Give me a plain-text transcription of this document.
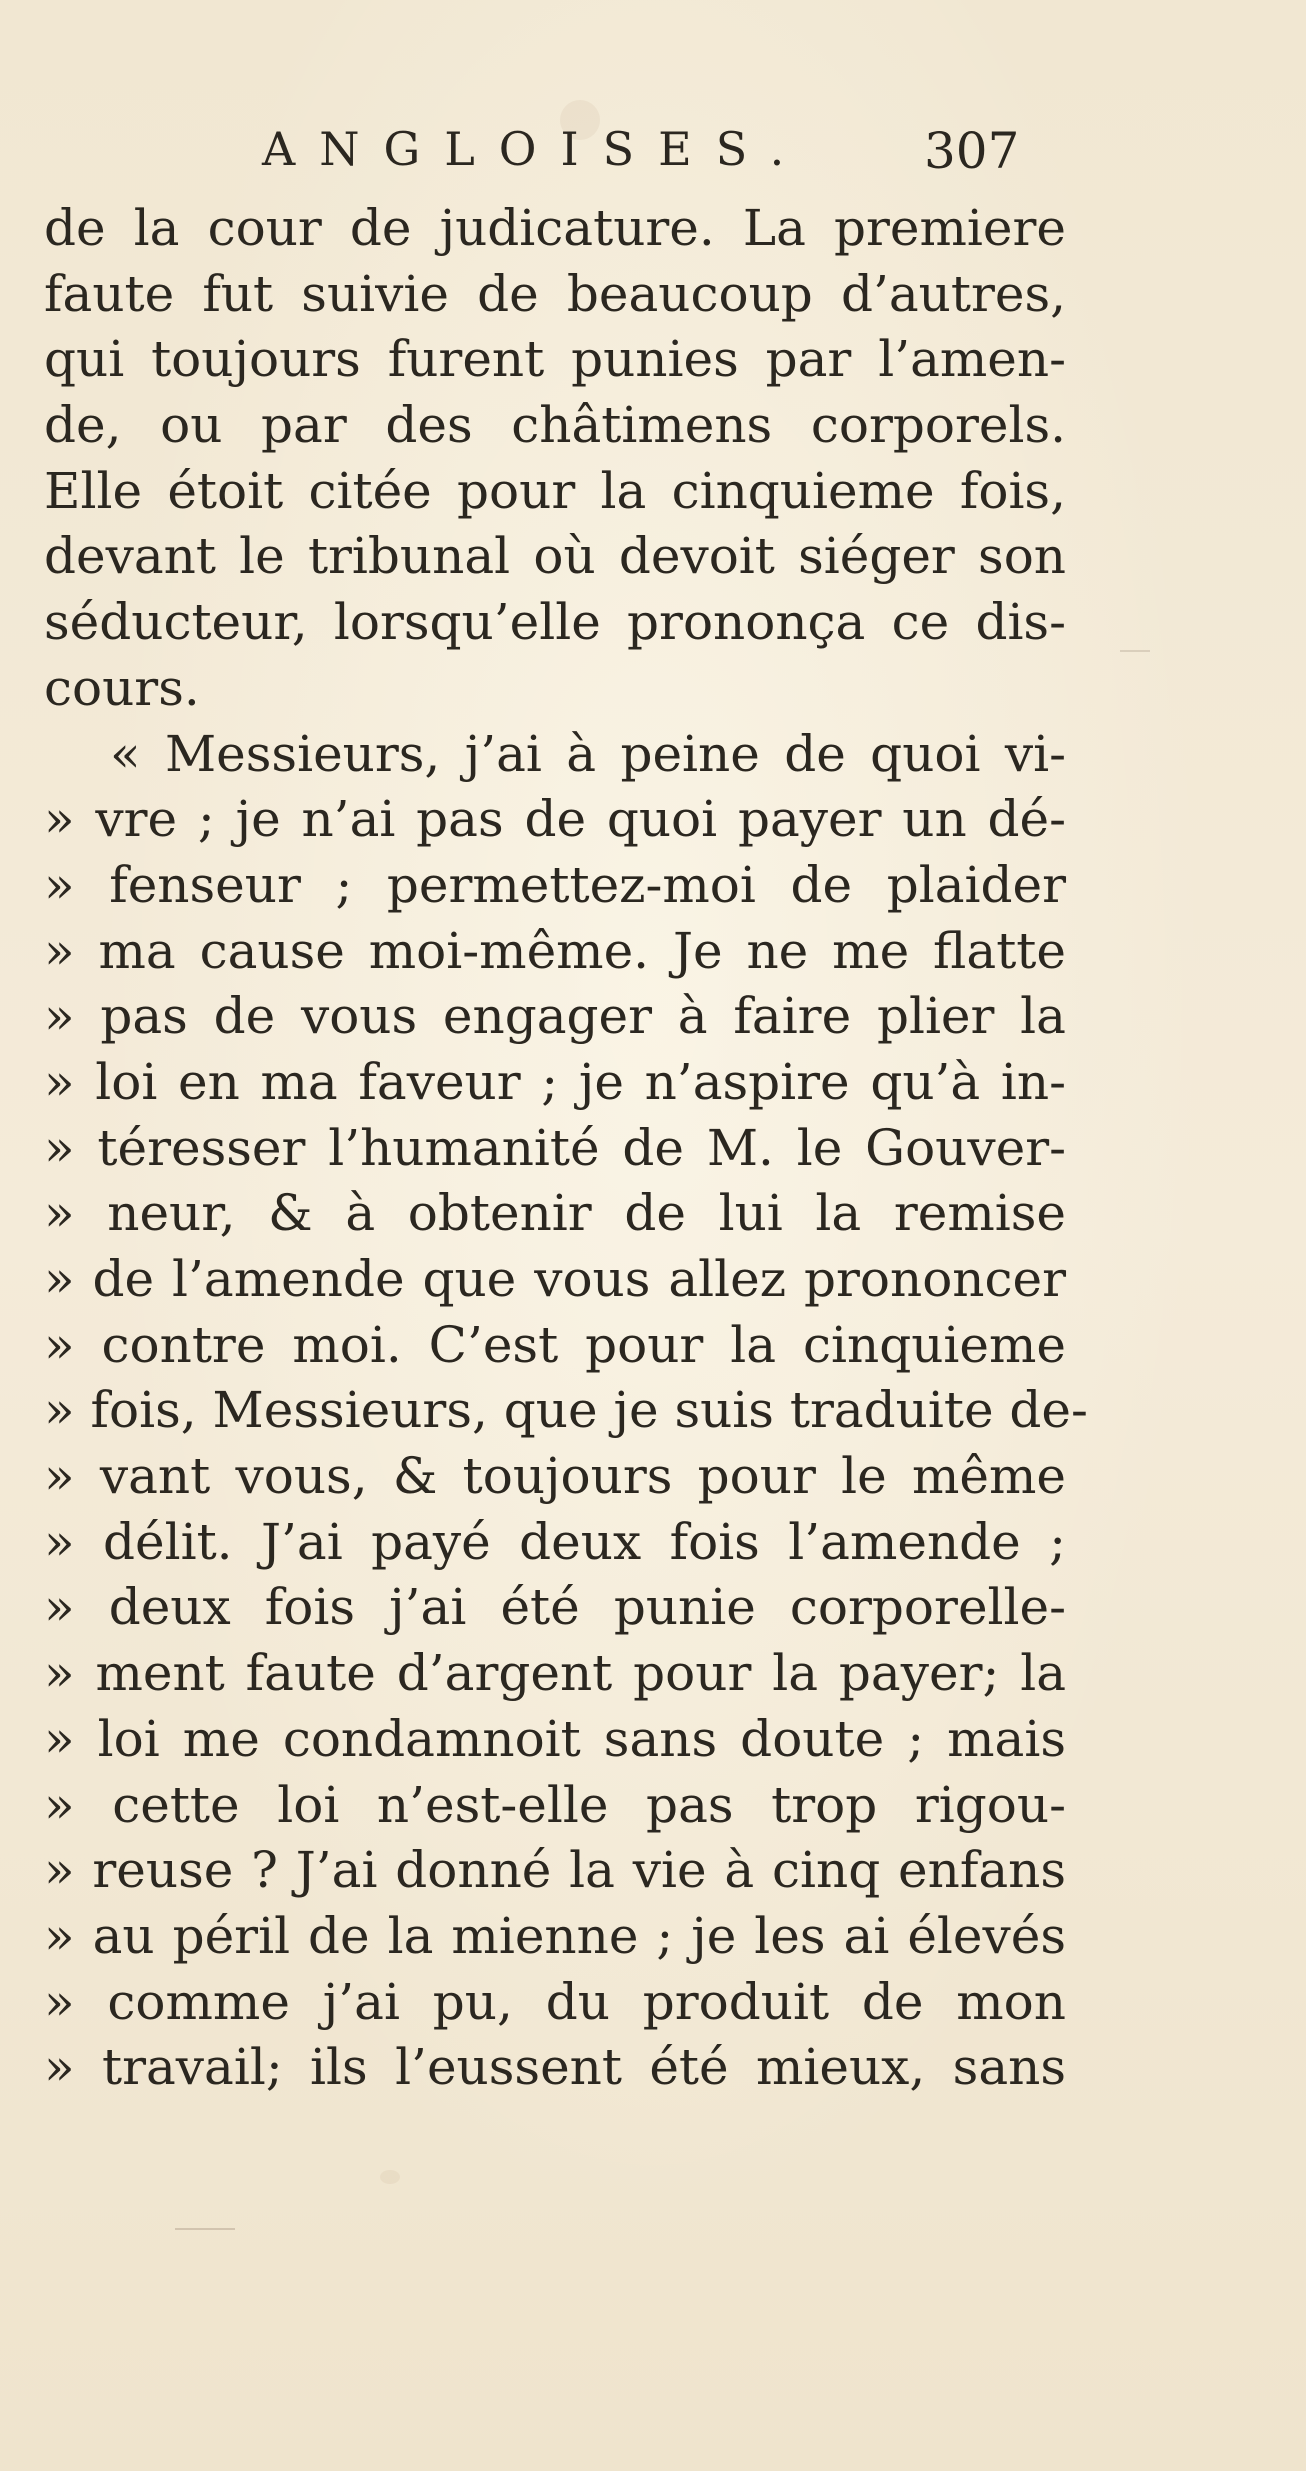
ANGLOISES. 307
de la cour de judicature. La premiere
faute fut suivie de beaucoup d’autres,
qui toujours furent punies par l’amen-
de, ou par des châtimens corporels.
Elle étoit citée pour la cinquieme fois,
devant le tribunal où devoit siéger son
séducteur, lorsqu’elle prononça ce dis-
cours.
« Messieurs, j’ai à peine de quoi vi-
» vre ; je n’ai pas de quoi payer un dé-
» fenseur ; permettez-moi de plaider
» ma cause moi-même. Je ne me flatte
» pas de vous engager à faire plier la
» loi en ma faveur ; je n’aspire qu’à in-
» téresser l’humanité de M. le Gouver-
» neur, & à obtenir de lui la remise
» de l’amende que vous allez prononcer
» contre moi. C’est pour la cinquieme
» fois, Messieurs, que je suis traduite de-
» vant vous, & toujours pour le même
» délit. J’ai payé deux fois l’amende ;
» deux fois j’ai été punie corporelle-
» ment faute d’argent pour la payer; la
» loi me condamnoit sans doute ; mais
» cette loi n’est-elle pas trop rigou-
» reuse ? J’ai donné la vie à cinq enfans
» au péril de la mienne ; je les ai élevés
» comme j’ai pu, du produit de mon
» travail; ils l’eussent été mieux, sans
